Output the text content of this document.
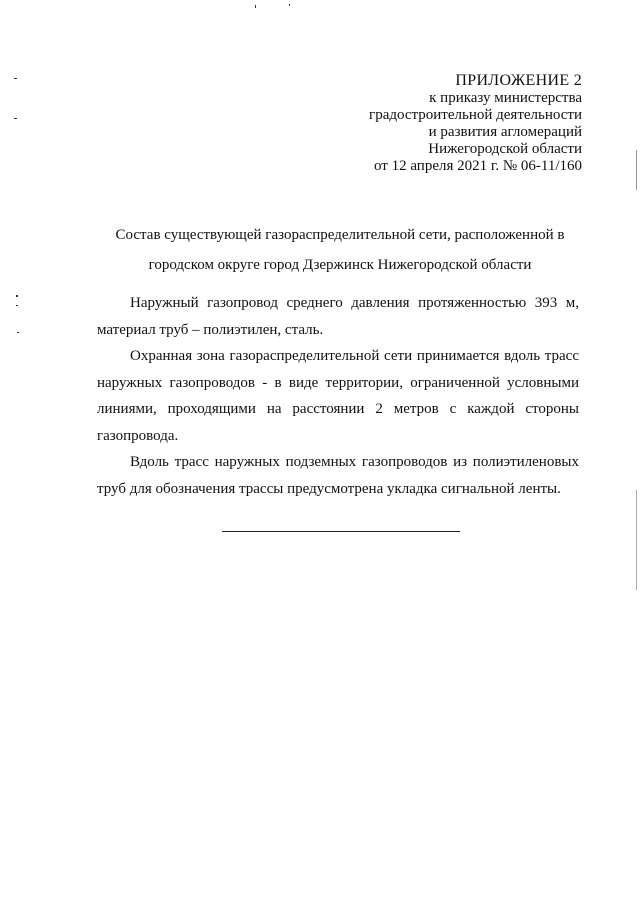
ПРИЛОЖЕНИЕ 2
к приказу министерства
градостроительной деятельности
и развития агломераций
Нижегородской области
от 12 апреля 2021 г. № 06-11/160
Состав существующей газораспределительной сети, расположенной в
городском округе город Дзержинск Нижегородской области

Наружный газопровод среднего давления протяженностью 393 м, материал труб – полиэтилен, сталь.

Охранная зона газораспределительной сети принимается вдоль трасс наружных газопроводов - в виде территории, ограниченной условными линиями, проходящими на расстоянии 2 метров с каждой стороны газопровода.

Вдоль трасс наружных подземных газопроводов из полиэтиленовых труб для обозначения трассы предусмотрена укладка сигнальной ленты.
